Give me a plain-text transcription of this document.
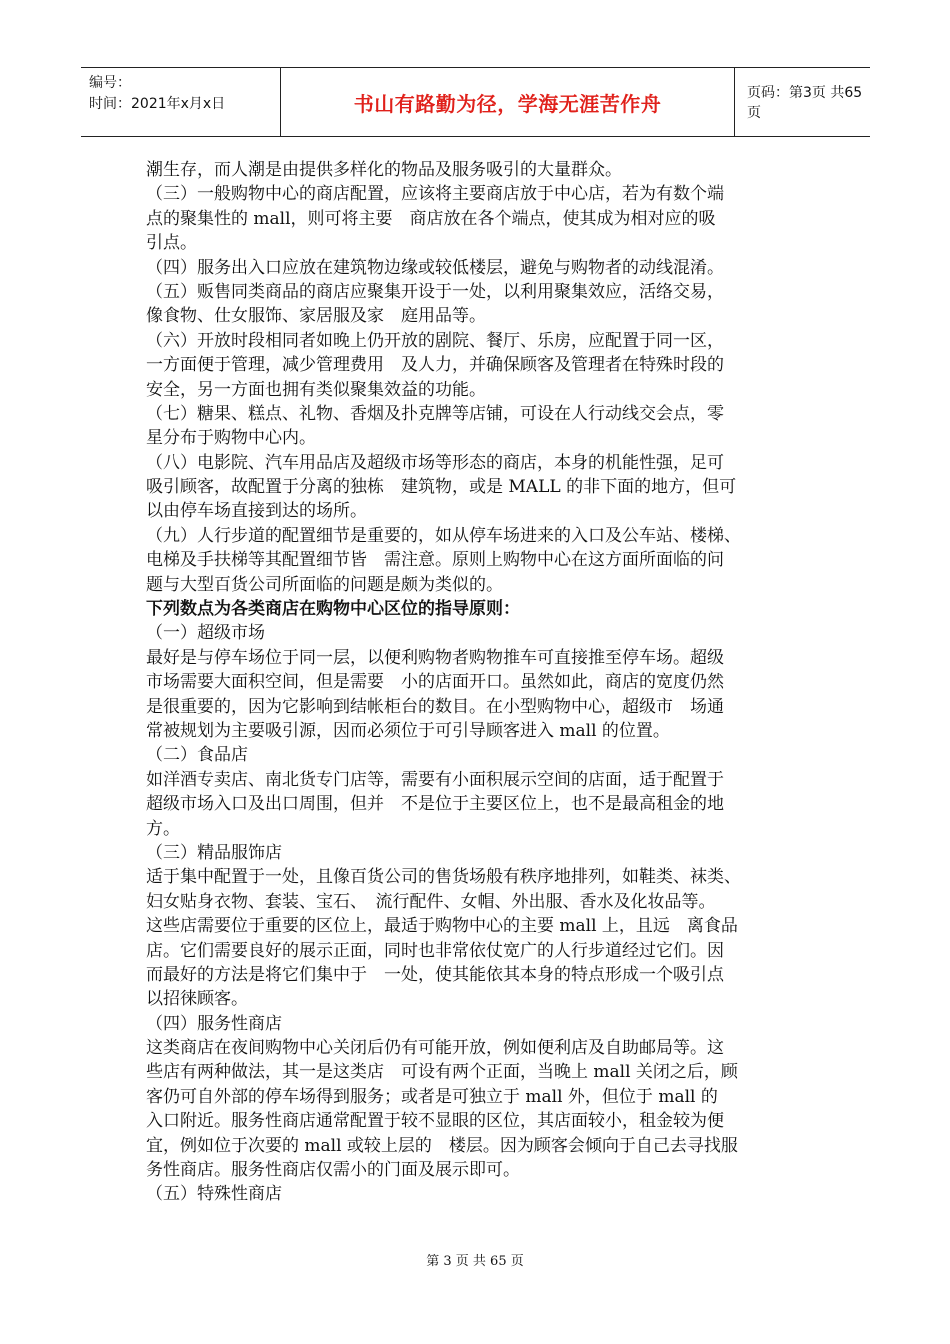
编号：
时间：2021年x月x日	书山有路勤为径，学海无涯苦作舟	页码：第3页 共65页
潮生存，而人潮是由提供多样化的物品及服务吸引的大量群众。
（三）一般购物中心的商店配置，应该将主要商店放于中心店，若为有数个端
点的聚集性的 mall，则可将主要　商店放在各个端点，使其成为相对应的吸
引点。
（四）服务出入口应放在建筑物边缘或较低楼层，避免与购物者的动线混淆。
（五）贩售同类商品的商店应聚集开设于一处，以利用聚集效应，活络交易，
像食物、仕女服饰、家居服及家　庭用品等。
（六）开放时段相同者如晚上仍开放的剧院、餐厅、乐房，应配置于同一区，
一方面便于管理，减少管理费用　及人力，并确保顾客及管理者在特殊时段的
安全，另一方面也拥有类似聚集效益的功能。
（七）糖果、糕点、礼物、香烟及扑克牌等店铺，可设在人行动线交会点，零
星分布于购物中心内。
（八）电影院、汽车用品店及超级市场等形态的商店，本身的机能性强，足可
吸引顾客，故配置于分离的独栋　建筑物，或是 MALL 的非下面的地方，但可
以由停车场直接到达的场所。
（九）人行步道的配置细节是重要的，如从停车场进来的入口及公车站、楼梯、
电梯及手扶梯等其配置细节皆　需注意。原则上购物中心在这方面所面临的问
题与大型百货公司所面临的问题是颇为类似的。
下列数点为各类商店在购物中心区位的指导原则：
（一）超级市场
最好是与停车场位于同一层，以便利购物者购物推车可直接推至停车场。超级
市场需要大面积空间，但是需要　小的店面开口。虽然如此，商店的宽度仍然
是很重要的，因为它影响到结帐柜台的数目。在小型购物中心，超级市　场通
常被规划为主要吸引源，因而必须位于可引导顾客进入 mall 的位置。
（二）食品店
如洋酒专卖店、南北货专门店等，需要有小面积展示空间的店面，适于配置于
超级市场入口及出口周围，但并　不是位于主要区位上，也不是最高租金的地
方。
（三）精品服饰店
适于集中配置于一处，且像百货公司的售货场般有秩序地排列，如鞋类、袜类、
妇女贴身衣物、套装、宝石、　流行配件、女帽、外出服、香水及化妆品等。
这些店需要位于重要的区位上，最适于购物中心的主要 mall 上，且远　离食品
店。它们需要良好的展示正面，同时也非常依仗宽广的人行步道经过它们。因
而最好的方法是将它们集中于　一处，使其能依其本身的特点形成一个吸引点
以招徕顾客。
（四）服务性商店
这类商店在夜间购物中心关闭后仍有可能开放，例如便利店及自助邮局等。这
些店有两种做法，其一是这类店　可设有两个正面，当晚上 mall 关闭之后，顾
客仍可自外部的停车场得到服务；或者是可独立于 mall 外，但位于 mall 的
入口附近。服务性商店通常配置于较不显眼的区位，其店面较小，租金较为便
宜，例如位于次要的 mall 或较上层的　楼层。因为顾客会倾向于自己去寻找服
务性商店。服务性商店仅需小的门面及展示即可。
（五）特殊性商店
第 3 页 共 65 页
